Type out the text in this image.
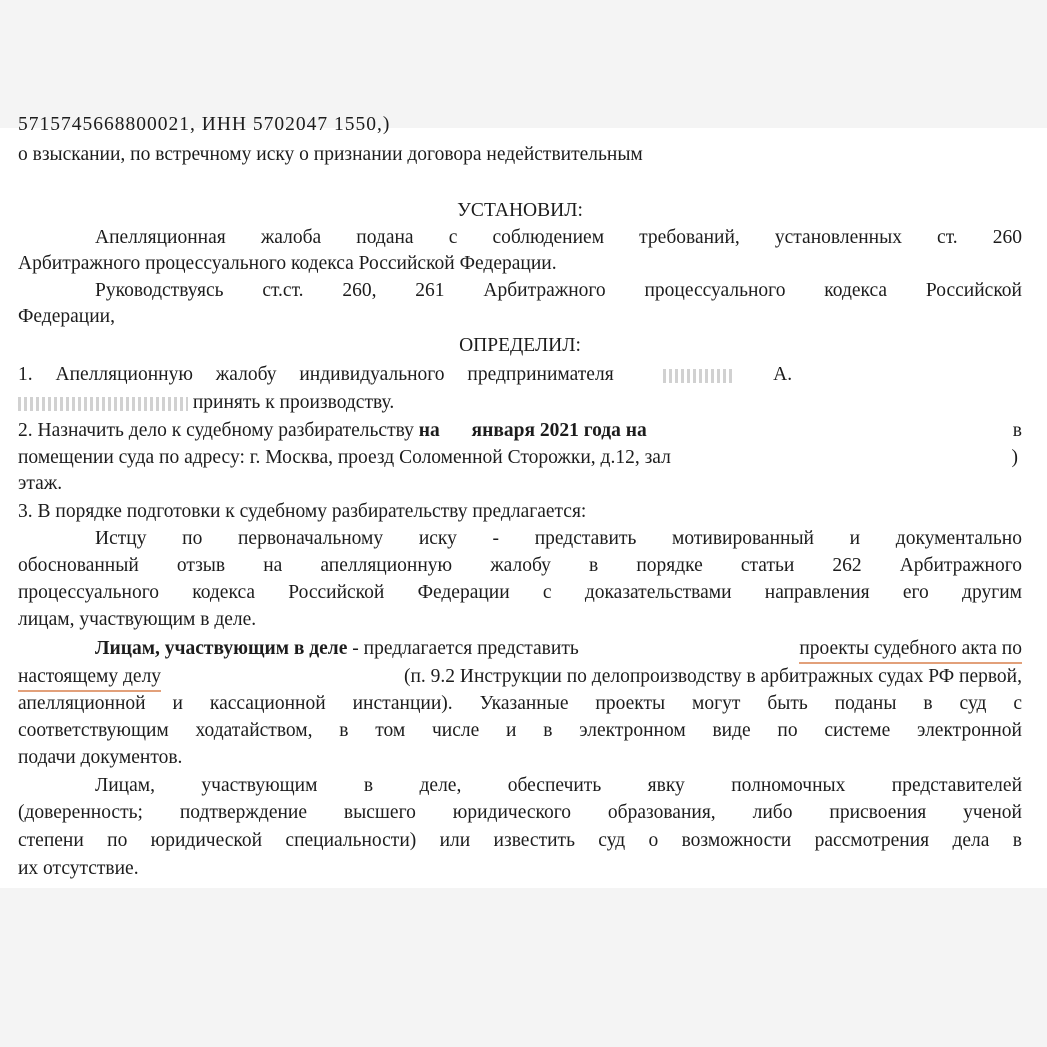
5715745668800021, ИНН 5702047 1550,)
о взыскании, по встречному иску о признании договора недействительным
УСТАНОВИЛ:
Апелляционная жалоба подана с соблюдением требований, установленных ст. 260
Арбитражного процессуального кодекса Российской Федерации.
Руководствуясь ст.ст. 260, 261 Арбитражного процессуального кодекса Российской
Федерации,
ОПРЕДЕЛИЛ:
1. Апелляционную жалобу индивидуального предпринимателя	А.
принять к производству.
2. Назначить дело к судебному разбирательству на января 2021 года на	в
помещении суда по адресу: г. Москва, проезд Соломенной Сторожки, д.12, зал	)
этаж.
3. В порядке подготовки к судебному разбирательству предлагается:
Истцу по первоначальному иску - представить мотивированный и документально
обоснованный отзыв на апелляционную жалобу в порядке статьи 262 Арбитражного
процессуального кодекса Российской Федерации с доказательствами направления его другим
лицам, участвующим в деле.
Лицам, участвующим в деле - предлагается представить	проекты судебного акта по
настоящему делу	(п. 9.2 Инструкции по делопроизводству в арбитражных судах РФ первой,
апелляционной и кассационной инстанции). Указанные проекты могут быть поданы в суд с
соответствующим ходатайством, в том числе и в электронном виде по системе электронной
подачи документов.
Лицам, участвующим в деле, обеспечить явку полномочных представителей
(доверенность; подтверждение высшего юридического образования, либо присвоения ученой
степени по юридической специальности) или известить суд о возможности рассмотрения дела в
их отсутствие.
